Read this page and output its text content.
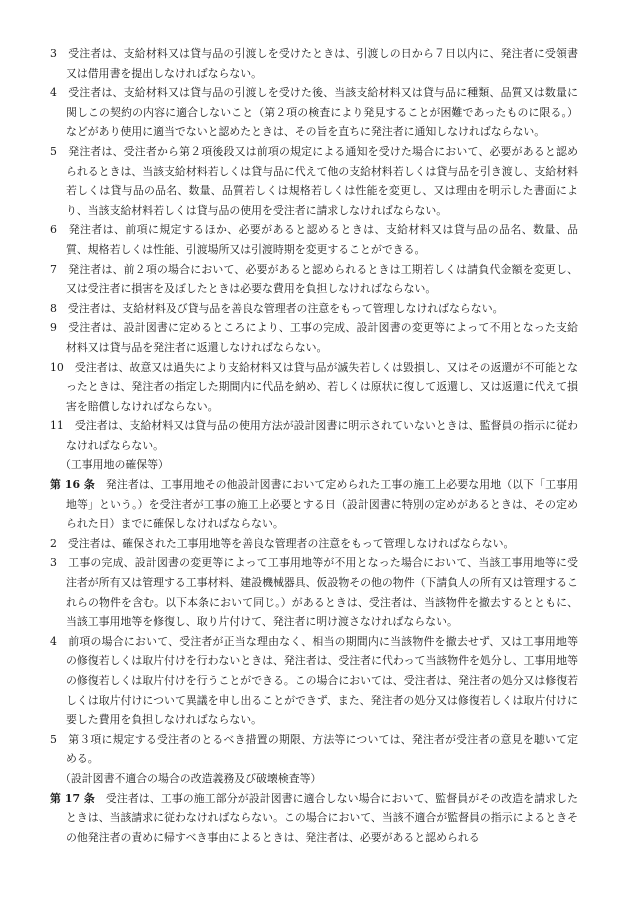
3　 受注者は、支給材料又は貸与品の引渡しを受けたときは、引渡しの日から７日以内に、発注者に受領書又は借用書を提出しなければならない。

4　 受注者は、支給材料又は貸与品の引渡しを受けた後、当該支給材料又は貸与品に種類、品質又は数量に関しこの契約の内容に適合しないこと（第２項の検査により発見することが困難であったものに限る。）などがあり使用に適当でないと認めたときは、その旨を直ちに発注者に通知しなければならない。

5　 発注者は、受注者から第２項後段又は前項の規定による通知を受けた場合において、必要があると認められるときは、当該支給材料若しくは貸与品に代えて他の支給材料若しくは貸与品を引き渡し、支給材料若しくは貸与品の品名、数量、品質若しくは規格若しくは性能を変更し、又は理由を明示した書面により、当該支給材料若しくは貸与品の使用を受注者に請求しなければならない。

6　 発注者は、前項に規定するほか、必要があると認めるときは、支給材料又は貸与品の品名、数量、品質、規格若しくは性能、引渡場所又は引渡時期を変更することができる。

7　 発注者は、前２項の場合において、必要があると認められるときは工期若しくは請負代金額を変更し、又は受注者に損害を及ぼしたときは必要な費用を負担しなければならない。

8　 受注者は、支給材料及び貸与品を善良な管理者の注意をもって管理しなければならない。

9　 受注者は、設計図書に定めるところにより、工事の完成、設計図書の変更等によって不用となった支給材料又は貸与品を発注者に返還しなければならない。

10　 受注者は、故意又は過失により支給材料又は貸与品が滅失若しくは毀損し、又はその返還が不可能となったときは、発注者の指定した期間内に代品を納め、若しくは原状に復して返還し、又は返還に代えて損害を賠償しなければならない。

11　 受注者は、支給材料又は貸与品の使用方法が設計図書に明示されていないときは、監督員の指示に従わなければならない。

（工事用地の確保等）

第 16 条　 発注者は、工事用地その他設計図書において定められた工事の施工上必要な用地（以下「工事用地等」という。）を受注者が工事の施工上必要とする日（設計図書に特別の定めがあるときは、その定められた日）までに確保しなければならない。

2　 受注者は、確保された工事用地等を善良な管理者の注意をもって管理しなければならない。

3　 工事の完成、設計図書の変更等によって工事用地等が不用となった場合において、当該工事用地等に受注者が所有又は管理する工事材料、建設機械器具、仮設物その他の物件（下請負人の所有又は管理するこれらの物件を含む。以下本条において同じ。）があるときは、受注者は、当該物件を撤去するとともに、当該工事用地等を修復し、取り片付けて、発注者に明け渡さなければならない。

4　 前項の場合において、受注者が正当な理由なく、相当の期間内に当該物件を撤去せず、又は工事用地等の修復若しくは取片付けを行わないときは、発注者は、受注者に代わって当該物件を処分し、工事用地等の修復若しくは取片付けを行うことができる。この場合においては、受注者は、発注者の処分又は修復若しくは取片付けについて異議を申し出ることができず、また、発注者の処分又は修復若しくは取片付けに要した費用を負担しなければならない。

5　 第３項に規定する受注者のとるべき措置の期限、方法等については、発注者が受注者の意見を聴いて定める。

（設計図書不適合の場合の改造義務及び破壊検査等）

第 17 条　 受注者は、工事の施工部分が設計図書に適合しない場合において、監督員がその改造を請求したときは、当該請求に従わなければならない。この場合において、当該不適合が監督員の指示によるときその他発注者の責めに帰すべき事由によるときは、発注者は、必要があると認められる
